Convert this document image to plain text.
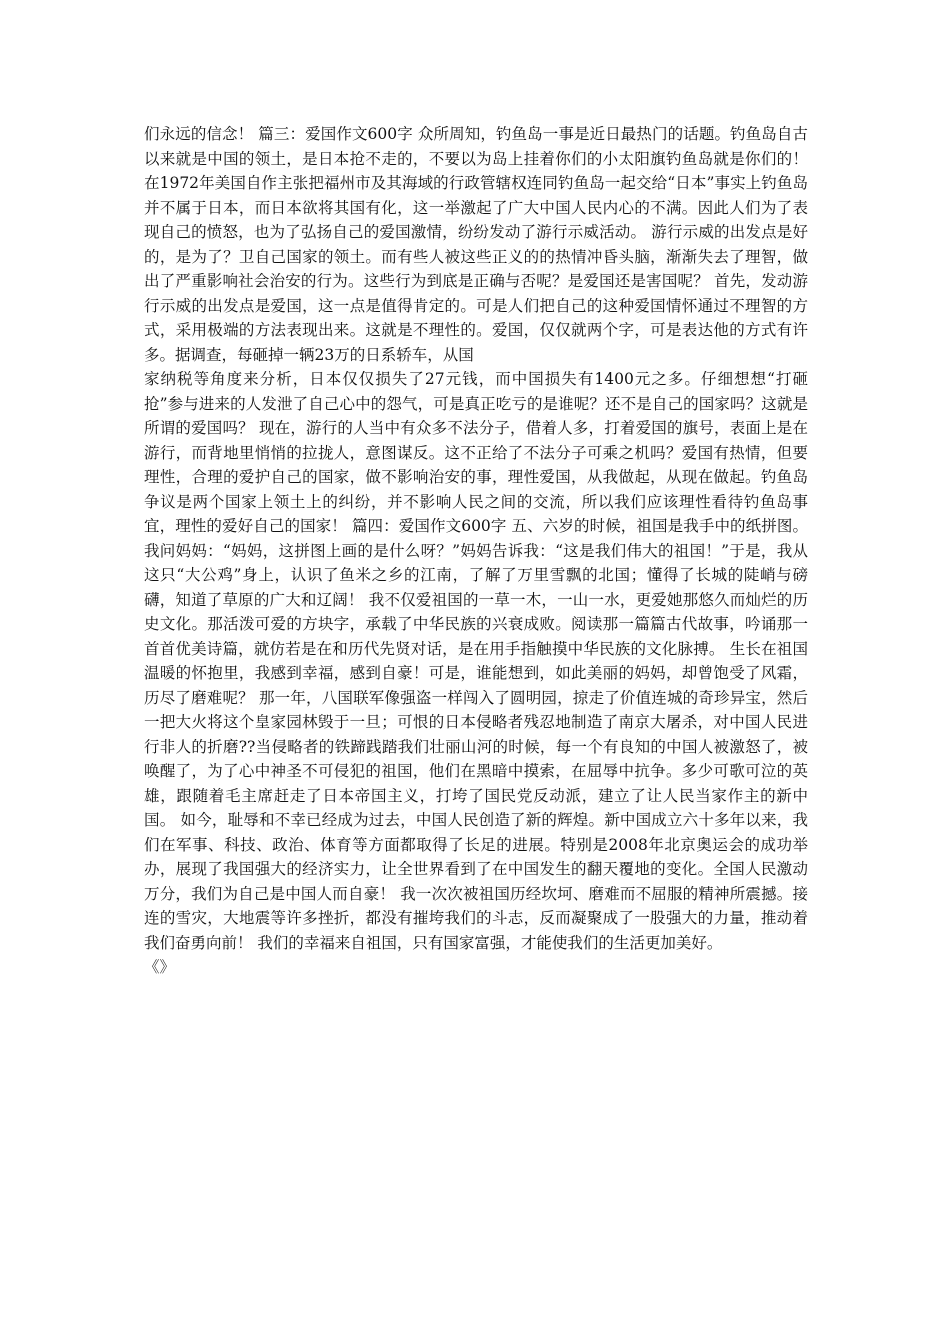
们永远的信念！ 篇三：爱国作文600字 众所周知，钓鱼岛一事是近日最热门的话题。钓鱼岛自古以来就是中国的领土，是日本抢不走的，不要以为岛上挂着你们的小太阳旗钓鱼岛就是你们的！在1972年美国自作主张把福州市及其海域的行政管辖权连同钓鱼岛一起交给“日本”事实上钓鱼岛并不属于日本，而日本欲将其国有化，这一举激起了广大中国人民内心的不满。因此人们为了表现自己的愤怒，也为了弘扬自己的爱国激情，纷纷发动了游行示威活动。 游行示威的出发点是好的，是为了？卫自己国家的领土。而有些人被这些正义的的热情冲昏头脑，渐渐失去了理智，做出了严重影响社会治安的行为。这些行为到底是正确与否呢？是爱国还是害国呢？ 首先，发动游行示威的出发点是爱国，这一点是值得肯定的。可是人们把自己的这种爱国情怀通过不理智的方式，采用极端的方法表现出来。这就是不理性的。爱国，仅仅就两个字，可是表达他的方式有许多。据调查，每砸掉一辆23万的日系轿车，从国

家纳税等角度来分析，日本仅仅损失了27元钱，而中国损失有1400元之多。仔细想想“打砸抢”参与进来的人发泄了自己心中的怨气，可是真正吃亏的是谁呢？还不是自己的国家吗？这就是所谓的爱国吗？ 现在，游行的人当中有众多不法分子，借着人多，打着爱国的旗号，表面上是在游行，而背地里悄悄的拉拢人，意图谋反。这不正给了不法分子可乘之机吗？爱国有热情，但要理性，合理的爱护自己的国家，做不影响治安的事，理性爱国，从我做起，从现在做起。钓鱼岛争议是两个国家上领土上的纠纷，并不影响人民之间的交流，所以我们应该理性看待钓鱼岛事宜，理性的爱好自己的国家！ 篇四：爱国作文600字 五、六岁的时候，祖国是我手中的纸拼图。我问妈妈：“妈妈，这拼图上画的是什么呀？”妈妈告诉我：“这是我们伟大的祖国！”于是，我从这只“大公鸡”身上，认识了鱼米之乡的江南，了解了万里雪飘的北国；懂得了长城的陡峭与磅礴，知道了草原的广大和辽阔！ 我不仅爱祖国的一草一木，一山一水，更爱她那悠久而灿烂的历史文化。那活泼可爱的方块字，承载了中华民族的兴衰成败。阅读那一篇篇古代故事，吟诵那一首首优美诗篇，就仿若是在和历代先贤对话，是在用手指触摸中华民族的文化脉搏。 生长在祖国温暖的怀抱里，我感到幸福，感到自豪！可是，谁能想到，如此美丽的妈妈，却曾饱受了风霜，历尽了磨难呢？ 那一年，八国联军像强盗一样闯入了圆明园，掠走了价值连城的奇珍异宝，然后一把大火将这个皇家园林毁于一旦；可恨的日本侵略者残忍地制造了南京大屠杀，对中国人民进行非人的折磨??当侵略者的铁蹄践踏我们壮丽山河的时候，每一个有良知的中国人被激怒了，被唤醒了，为了心中神圣不可侵犯的祖国，他们在黑暗中摸索，在屈辱中抗争。多少可歌可泣的英雄，跟随着毛主席赶走了日本帝国主义，打垮了国民党反动派，建立了让人民当家作主的新中国。 如今，耻辱和不幸已经成为过去，中国人民创造了新的辉煌。新中国成立六十多年以来，我们在军事、科技、政治、体育等方面都取得了长足的进展。特别是2008年北京奥运会的成功举办，展现了我国强大的经济实力，让全世界看到了在中国发生的翻天覆地的变化。全国人民激动万分，我们为自己是中国人而自豪！ 我一次次被祖国历经坎坷、磨难而不屈服的精神所震撼。接连的雪灾，大地震等许多挫折，都没有摧垮我们的斗志，反而凝聚成了一股强大的力量，推动着我们奋勇向前！ 我们的幸福来自祖国，只有国家富强，才能使我们的生活更加美好。

《》
